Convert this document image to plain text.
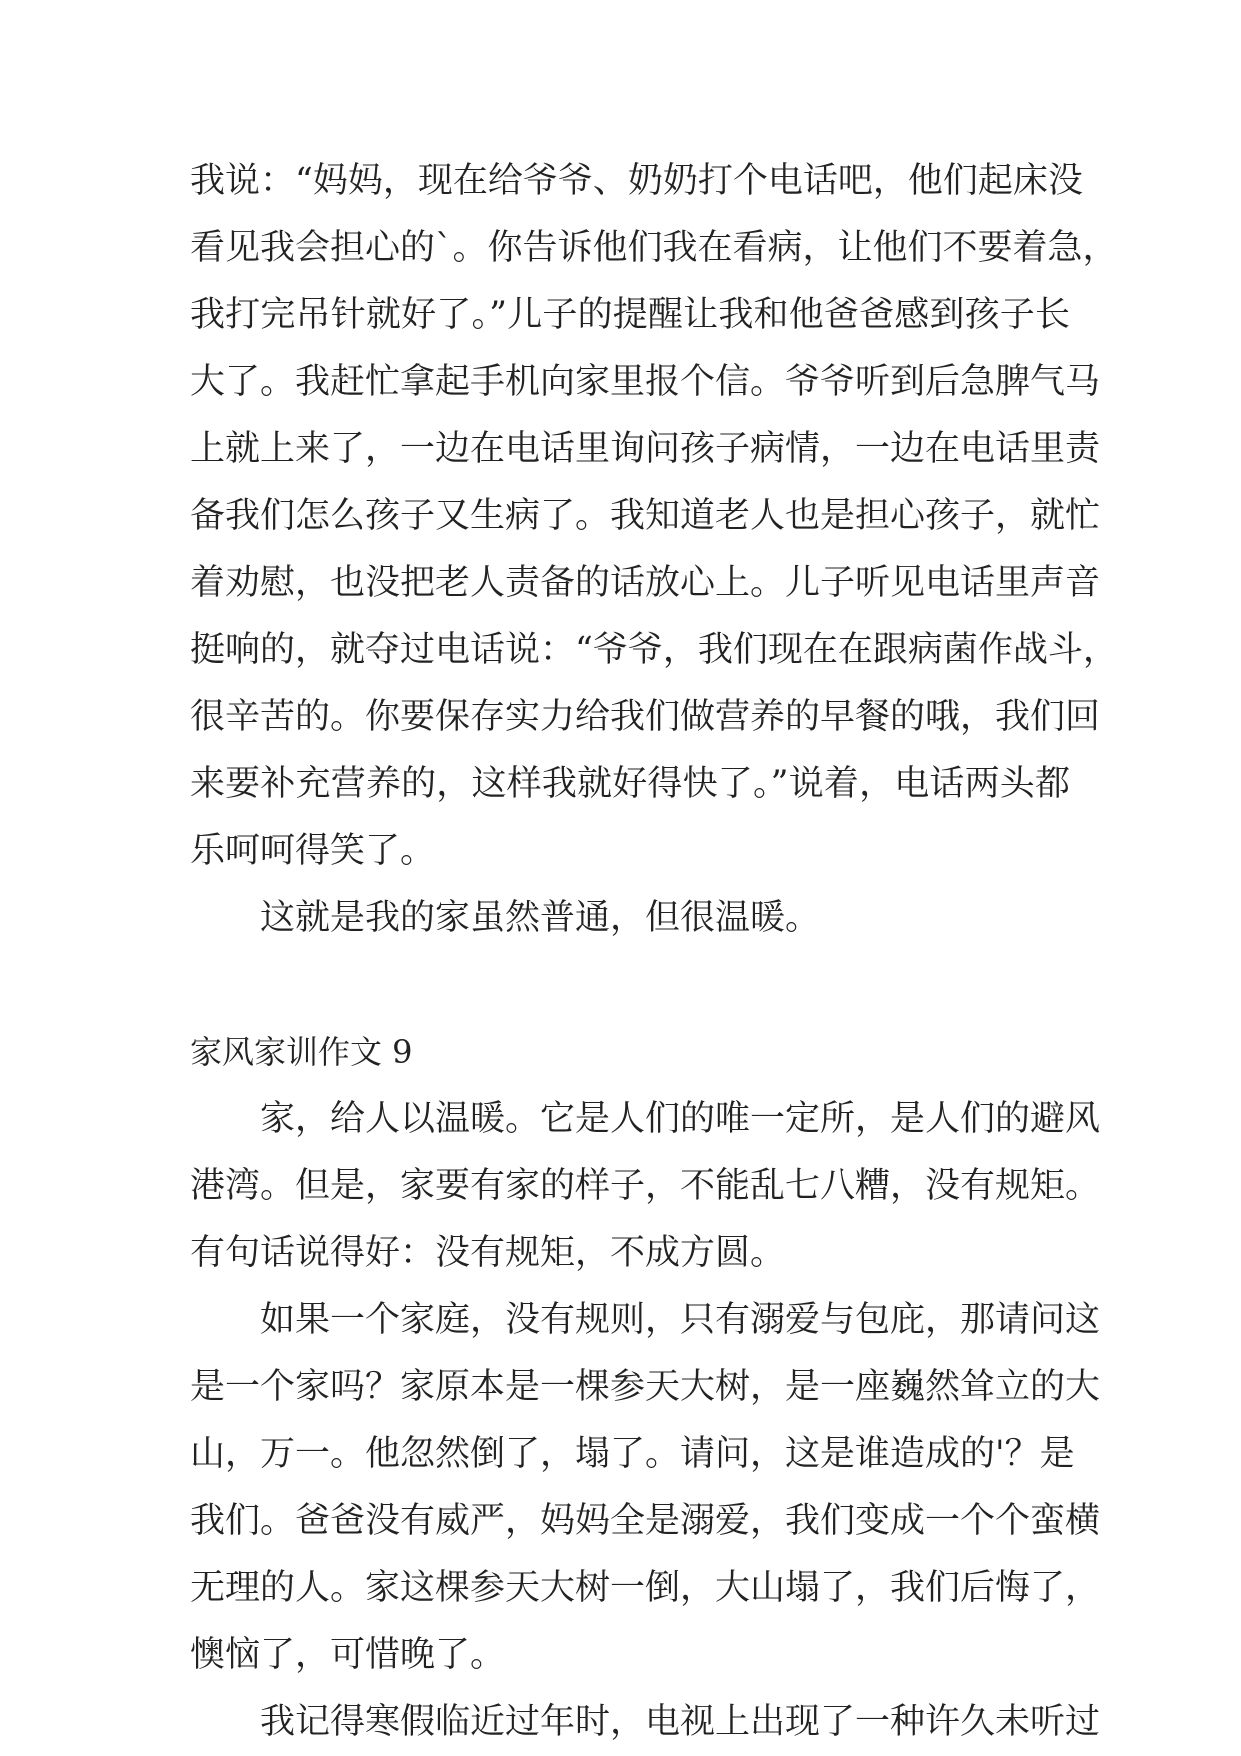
我说：“妈妈，现在给爷爷、奶奶打个电话吧，他们起床没
看见我会担心的`。你告诉他们我在看病，让他们不要着急，
我打完吊针就好了。”儿子的提醒让我和他爸爸感到孩子长
大了。我赶忙拿起手机向家里报个信。爷爷听到后急脾气马
上就上来了，一边在电话里询问孩子病情，一边在电话里责
备我们怎么孩子又生病了。我知道老人也是担心孩子，就忙
着劝慰，也没把老人责备的话放心上。儿子听见电话里声音
挺响的，就夺过电话说：“爷爷，我们现在在跟病菌作战斗，
很辛苦的。你要保存实力给我们做营养的早餐的哦，我们回
来要补充营养的，这样我就好得快了。”说着，电话两头都
乐呵呵得笑了。
这就是我的家虽然普通，但很温暖。
家风家训作文 9
家，给人以温暖。它是人们的唯一定所，是人们的避风
港湾。但是，家要有家的样子，不能乱七八糟，没有规矩。
有句话说得好：没有规矩，不成方圆。
如果一个家庭，没有规则，只有溺爱与包庇，那请问这
是一个家吗？家原本是一棵参天大树，是一座巍然耸立的大
山，万一。他忽然倒了，塌了。请问，这是谁造成的'？是
我们。爸爸没有威严，妈妈全是溺爱，我们变成一个个蛮横
无理的人。家这棵参天大树一倒，大山塌了，我们后悔了，
懊恼了，可惜晚了。
我记得寒假临近过年时，电视上出现了一种许久未听过
